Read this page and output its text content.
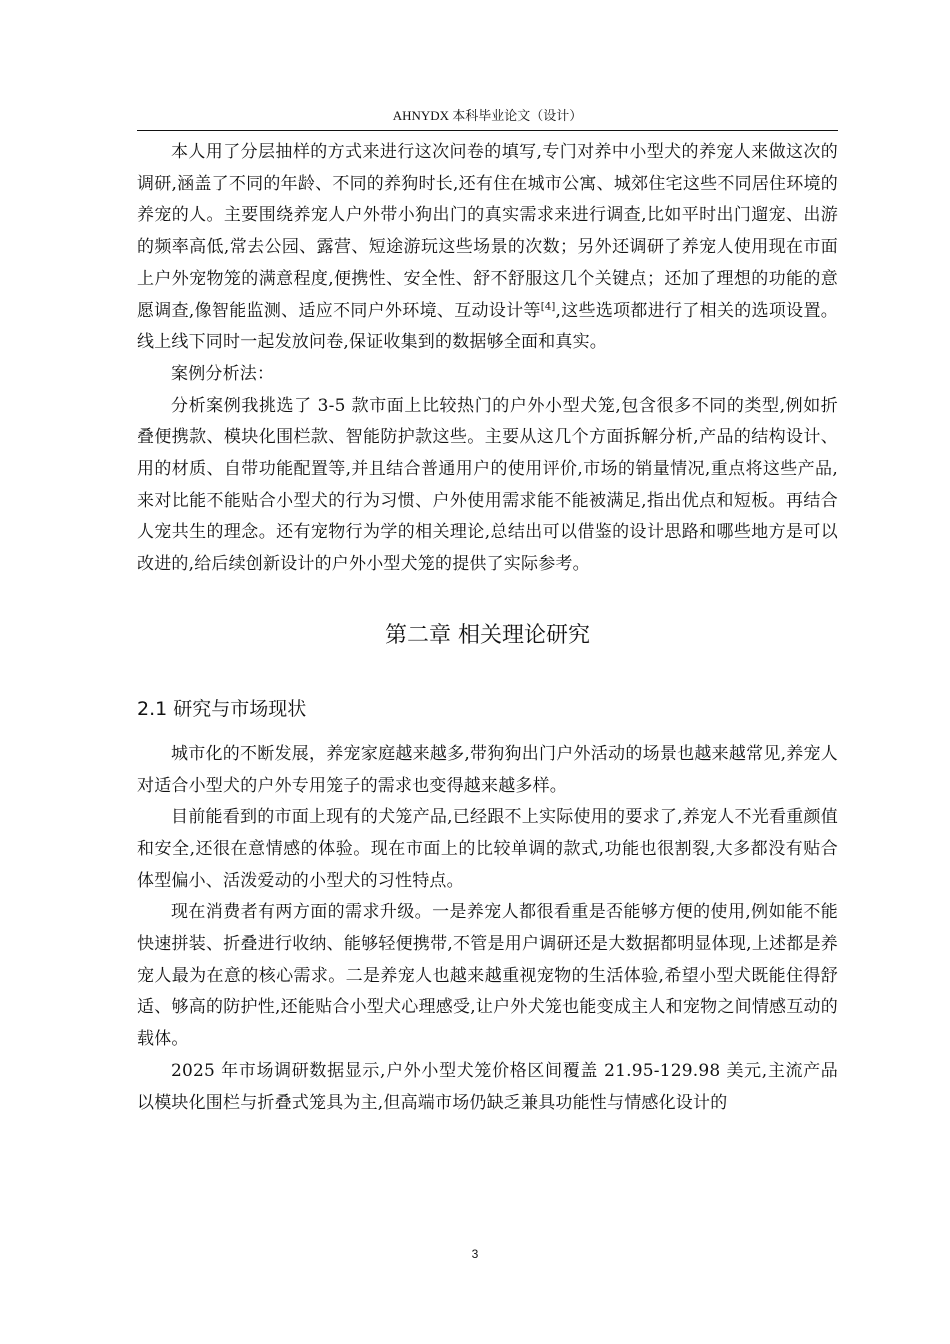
AHNYDX 本科毕业论文（设计）

本人用了分层抽样的方式来进行这次问卷的填写,专门对养中小型犬的养宠人来做这次的调研,涵盖了不同的年龄、不同的养狗时长,还有住在城市公寓、城郊住宅这些不同居住环境的养宠的人。主要围绕养宠人户外带小狗出门的真实需求来进行调查,比如平时出门遛宠、出游的频率高低,常去公园、露营、短途游玩这些场景的次数；另外还调研了养宠人使用现在市面上户外宠物笼的满意程度,便携性、安全性、舒不舒服这几个关键点；还加了理想的功能的意愿调查,像智能监测、适应不同户外环境、互动设计等[4],这些选项都进行了相关的选项设置。线上线下同时一起发放问卷,保证收集到的数据够全面和真实。

案例分析法：

分析案例我挑选了 3-5 款市面上比较热门的户外小型犬笼,包含很多不同的类型,例如折叠便携款、模块化围栏款、智能防护款这些。主要从这几个方面拆解分析,产品的结构设计、用的材质、自带功能配置等,并且结合普通用户的使用评价,市场的销量情况,重点将这些产品,来对比能不能贴合小型犬的行为习惯、户外使用需求能不能被满足,指出优点和短板。再结合人宠共生的理念。还有宠物行为学的相关理论,总结出可以借鉴的设计思路和哪些地方是可以改进的,给后续创新设计的户外小型犬笼的提供了实际参考。

第二章 相关理论研究
2.1 研究与市场现状

城市化的不断发展，养宠家庭越来越多,带狗狗出门户外活动的场景也越来越常见,养宠人对适合小型犬的户外专用笼子的需求也变得越来越多样。

目前能看到的市面上现有的犬笼产品,已经跟不上实际使用的要求了,养宠人不光看重颜值和安全,还很在意情感的体验。现在市面上的比较单调的款式,功能也很割裂,大多都没有贴合体型偏小、活泼爱动的小型犬的习性特点。

现在消费者有两方面的需求升级。一是养宠人都很看重是否能够方便的使用,例如能不能快速拼装、折叠进行收纳、能够轻便携带,不管是用户调研还是大数据都明显体现,上述都是养宠人最为在意的核心需求。二是养宠人也越来越重视宠物的生活体验,希望小型犬既能住得舒适、够高的防护性,还能贴合小型犬心理感受,让户外犬笼也能变成主人和宠物之间情感互动的载体。

2025 年市场调研数据显示,户外小型犬笼价格区间覆盖 21.95-129.98 美元,主流产品以模块化围栏与折叠式笼具为主,但高端市场仍缺乏兼具功能性与情感化设计的

3
